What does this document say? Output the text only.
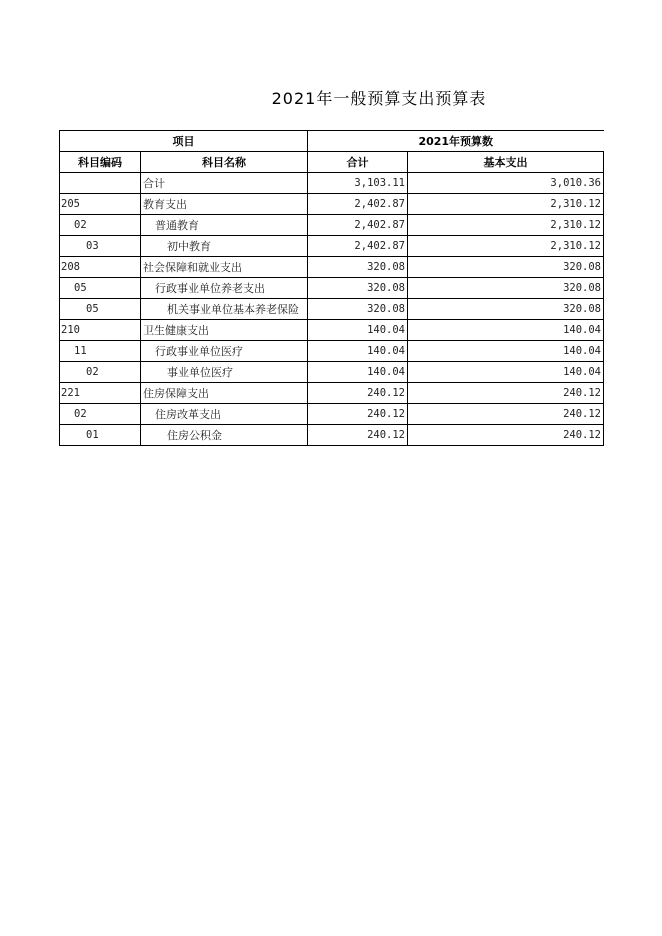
2021年一般预算支出预算表
项目		2021年预算数	
科目编码	科目名称	合计	基本支出
	合计	3,103.11	3,010.36
205	教育支出	2,402.87	2,310.12
02	普通教育	2,402.87	2,310.12
03	初中教育	2,402.87	2,310.12
208	社会保障和就业支出	320.08	320.08
05	行政事业单位养老支出	320.08	320.08
05	机关事业单位基本养老保险	320.08	320.08
210	卫生健康支出	140.04	140.04
11	行政事业单位医疗	140.04	140.04
02	事业单位医疗	140.04	140.04
221	住房保障支出	240.12	240.12
02	住房改革支出	240.12	240.12
01	住房公积金	240.12	240.12
